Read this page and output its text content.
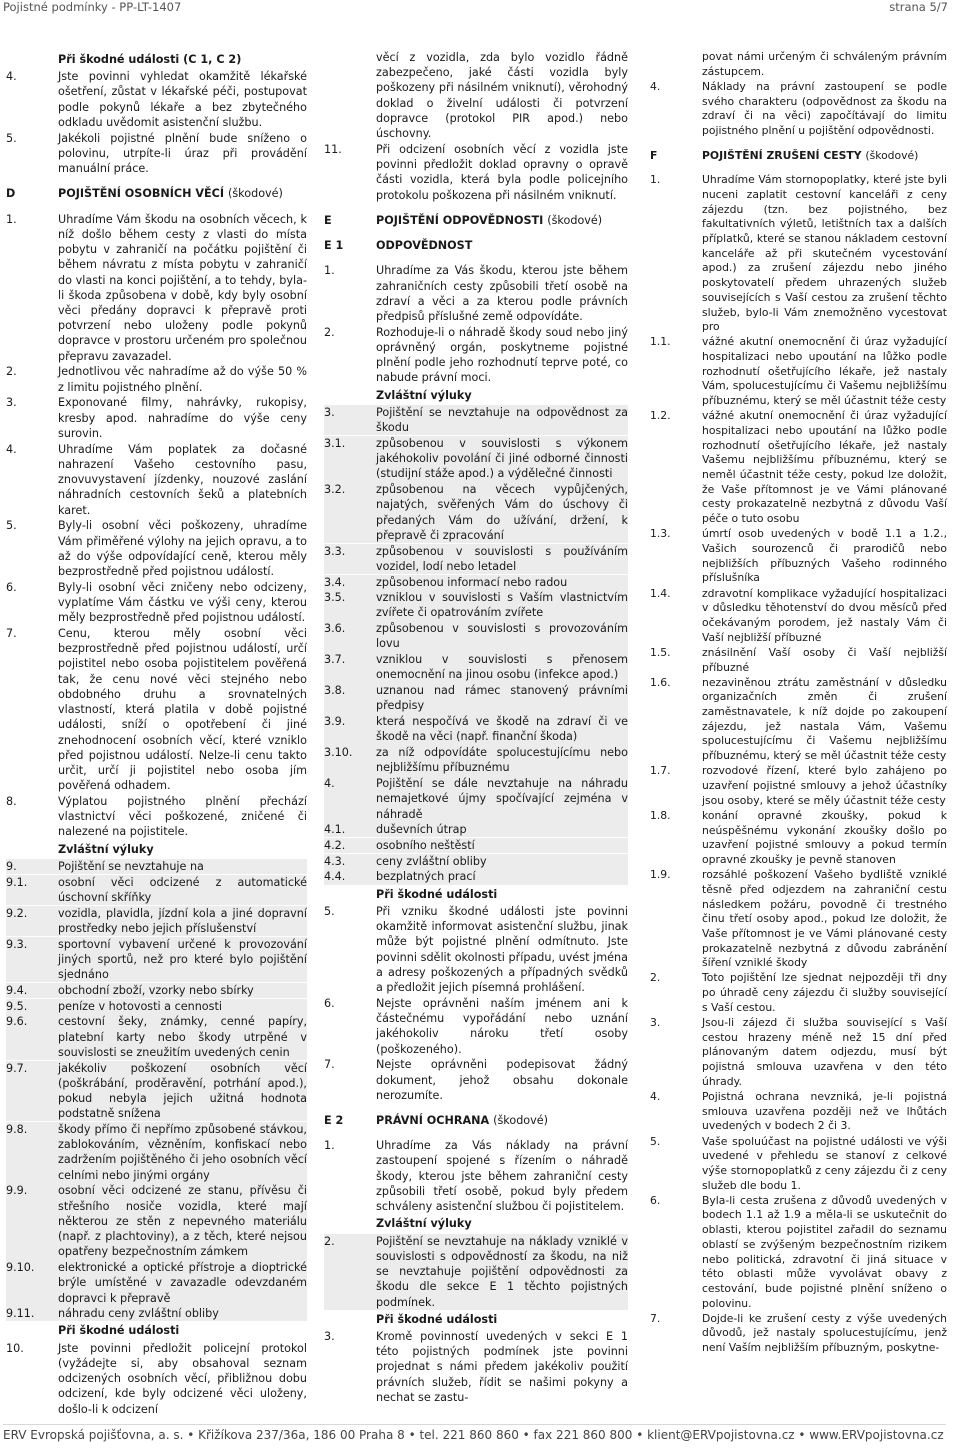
Pojistné podmínky - PP-LT-1407	strana 5/7
Při škodné události (C 1, C 2)
4.	Jste povinni vyhledat okamžitě lékařské ošetření, zůstat v lékařské péči, postupovat podle pokynů lékaře a bez zbytečného odkladu uvědomit asistenční službu.
5.	Jakékoli pojistné plnění bude sníženo o polovinu, utrpíte-li úraz při provádění manuální práce.
D	POJIŠTĚNÍ OSOBNÍCH VĚCÍ (škodové)
1.	Uhradíme Vám škodu na osobních věcech, k níž došlo během cesty z vlasti do místa pobytu v zahraničí na počátku pojištění či během návratu z místa pobytu v zahraničí do vlasti na konci pojištění, a to tehdy, byla-li škoda způsobena v době, kdy byly osobní věci předány dopravci k přepravě proti potvrzení nebo uloženy podle pokynů dopravce v prostoru určeném pro společnou přepravu zavazadel.
2.	Jednotlivou věc nahradíme až do výše 50 % z limitu pojistného plnění.
3.	Exponované filmy, nahrávky, rukopisy, kresby apod. nahradíme do výše ceny surovin.
4.	Uhradíme Vám poplatek za dočasné nahrazení Vašeho cestovního pasu, znovuvystavení jízdenky, nouzové zaslání náhradních cestovních šeků a platebních karet.
5.	Byly-li osobní věci poškozeny, uhradíme Vám přiměřené výlohy na jejich opravu, a to až do výše odpovídající ceně, kterou měly bezprostředně před pojistnou událostí.
6.	Byly-li osobní věci zničeny nebo odcizeny, vyplatíme Vám částku ve výši ceny, kterou měly bezprostředně před pojistnou událostí.
7.	Cenu, kterou měly osobní věci bezprostředně před pojistnou událostí, určí pojistitel nebo osoba pojistitelem pověřená tak, že cenu nové věci stejného nebo obdobného druhu a srovnatelných vlastností, která platila v době pojistné události, sníží o opotřebení či jiné znehodnocení osobních věcí, které vzniklo před pojistnou událostí. Nelze-li cenu takto určit, určí ji pojistitel nebo osoba jím pověřená odhadem.
8.	Výplatou pojistného plnění přechází vlastnictví věci poškozené, zničené či nalezené na pojistitele.
Zvláštní výluky
9.	Pojištění se nevztahuje na
9.1.	osobní věci odcizené z automatické úschovní skříňky
9.2.	vozidla, plavidla, jízdní kola a jiné dopravní prostředky nebo jejich příslušenství
9.3.	sportovní vybavení určené k provozování jiných sportů, než pro které bylo pojištění sjednáno
9.4.	obchodní zboží, vzorky nebo sbírky
9.5.	peníze v hotovosti a cennosti
9.6.	cestovní šeky, známky, cenné papíry, platební karty nebo škody utrpěné v souvislosti se zneužitím uvedených cenin
9.7.	jakékoliv poškození osobních věcí (poškrábání, proděravění, potrhání apod.), pokud nebyla jejich užitná hodnota podstatně snížena
9.8.	škody přímo či nepřímo způsobené stávkou, zablokováním, vězněním, konfiskací nebo zadržením pojištěného či jeho osobních věcí celními nebo jinými orgány
9.9.	osobní věci odcizené ze stanu, přívěsu či střešního nosiče vozidla, které mají některou ze stěn z nepevného materiálu (např. z plachtoviny), a z těch, které nejsou opatřeny bezpečnostním zámkem
9.10.	elektronické a optické přístroje a dioptrické brýle umístěné v zavazadle odevzdaném dopravci k přepravě
9.11.	náhradu ceny zvláštní obliby
Při škodné události
10.	Jste povinni předložit policejní protokol (vyžádejte si, aby obsahoval seznam odcizených osobních věcí, přibližnou dobu odcizení, kde byly odcizené věci uloženy, došlo-li k odcizení
věcí z vozidla, zda bylo vozidlo řádně zabezpečeno, jaké části vozidla byly poškozeny při násilném vniknutí), věrohodný doklad o živelní události či potvrzení dopravce (protokol PIR apod.) nebo úschovny.
11.	Při odcizení osobních věcí z vozidla jste povinni předložit doklad opravny o opravě části vozidla, která byla podle policejního protokolu poškozena při násilném vniknutí.
E	POJIŠTĚNÍ ODPOVĚDNOSTI (škodové)
E 1	ODPOVĚDNOST
1.	Uhradíme za Vás škodu, kterou jste během zahraničních cesty způsobili třetí osobě na zdraví a věci a za kterou podle právních předpisů příslušné země odpovídáte.
2.	Rozhoduje-li o náhradě škody soud nebo jiný oprávněný orgán, poskytneme pojistné plnění podle jeho rozhodnutí teprve poté, co nabude právní moci.
Zvláštní výluky
3.	Pojištění se nevztahuje na odpovědnost za škodu
3.1.	způsobenou v souvislosti s výkonem jakéhokoliv povolání či jiné odborné činnosti (studijní stáže apod.) a výdělečné činnosti
3.2.	způsobenou na věcech vypůjčených, najatých, svěřených Vám do úschovy či předaných Vám do užívání, držení, k přepravě či zpracování
3.3.	způsobenou v souvislosti s používáním vozidel, lodí nebo letadel
3.4.	způsobenou informací nebo radou
3.5.	vzniklou v souvislosti s Vaším vlastnictvím zvířete či opatrováním zvířete
3.6.	způsobenou v souvislosti s provozováním lovu
3.7.	vzniklou v souvislosti s přenosem onemocnění na jinou osobu (infekce apod.)
3.8.	uznanou nad rámec stanovený právními předpisy
3.9.	která nespočívá ve škodě na zdraví či ve škodě na věci (např. finanční škoda)
3.10.	za níž odpovídáte spolucestujícímu nebo nejbližšímu příbuznému
4.	Pojištění se dále nevztahuje na náhradu nemajetkové újmy spočívající zejména v náhradě
4.1.	duševních útrap
4.2.	osobního neštěstí
4.3.	ceny zvláštní obliby
4.4.	bezplatných prací
Při škodné události
5.	Při vzniku škodné události jste povinni okamžitě informovat asistenční službu, jinak může být pojistné plnění odmítnuto. Jste povinni sdělit okolnosti případu, uvést jména a adresy poškozených a případných svědků a předložit jejich písemná prohlášení.
6.	Nejste oprávněni naším jménem ani k částečnému vypořádání nebo uznání jakéhokoliv nároku třetí osoby (poškozeného).
7.	Nejste oprávněni podepisovat žádný dokument, jehož obsahu dokonale nerozumíte.
E 2	PRÁVNÍ OCHRANA (škodové)
1.	Uhradíme za Vás náklady na právní zastoupení spojené s řízením o náhradě škody, kterou jste během zahraniční cesty způsobili třetí osobě, pokud byly předem schváleny asistenční službou či pojistitelem.
Zvláštní výluky
2.	Pojištění se nevztahuje na náklady vzniklé v souvislosti s odpovědností za škodu, na niž se nevztahuje pojištění odpovědnosti za škodu dle sekce E 1 těchto pojistných podmínek.
Při škodné události
3.	Kromě povinností uvedených v sekci E 1 této pojistných podmínek jste povinni projednat s námi předem jakékoliv použití právních služeb, řídit se našimi pokyny a nechat se zastu-
povat námi určeným či schváleným právním zástupcem.
4.	Náklady na právní zastoupení se podle svého charakteru (odpovědnost za škodu na zdraví či na věci) započítávají do limitu pojistného plnění u pojištění odpovědnosti.
F	POJIŠTĚNÍ ZRUŠENÍ CESTY (škodové)
1.	Uhradíme Vám stornopoplatky, které jste byli nuceni zaplatit cestovní kanceláři z ceny zájezdu (tzn. bez pojistného, bez fakultativních výletů, letištních tax a dalších příplatků, které se stanou nákladem cestovní kanceláře až při skutečném vycestování apod.) za zrušení zájezdu nebo jiného poskytovatelí předem uhrazených služeb souvisejících s Vaší cestou za zrušení těchto služeb, bylo-li Vám znemožněno vycestovat pro
1.1.	vážné akutní onemocnění či úraz vyžadující hospitalizaci nebo upoutání na lůžko podle rozhodnutí ošetřujícího lékaře, jež nastaly Vám, spolucestujícímu či Vašemu nejbližšímu příbuznému, který se měl účastnit téže cesty
1.2.	vážné akutní onemocnění či úraz vyžadující hospitalizaci nebo upoutání na lůžko podle rozhodnutí ošetřujícího lékaře, jež nastaly Vašemu nejbližšímu příbuznému, který se neměl účastnit téže cesty, pokud lze doložit, že Vaše přítomnost je ve Vámi plánované cesty prokazatelně nezbytná z důvodu Vaší péče o tuto osobu
1.3.	úmrtí osob uvedených v bodě 1.1 a 1.2., Vašich sourozenců či prarodičů nebo nejbližších příbuzných Vašeho rodinného příslušníka
1.4.	zdravotní komplikace vyžadující hospitalizaci v důsledku těhotenství do dvou měsíců před očekávaným porodem, jež nastaly Vám či Vaší nejbližší příbuzné
1.5.	znásilnění Vaší osoby či Vaší nejbližší příbuzné
1.6.	nezaviněnou ztrátu zaměstnání v důsledku organizačních změn či zrušení zaměstnavatele, k níž dojde po zakoupení zájezdu, jež nastala Vám, Vašemu spolucestujícímu či Vašemu nejbližšímu příbuznému, který se měl účastnit téže cesty
1.7.	rozvodové řízení, které bylo zahájeno po uzavření pojistné smlouvy a jehož účastníky jsou osoby, které se měly účastnit téže cesty
1.8.	konání opravné zkoušky, pokud k neúspěšnému vykonání zkoušky došlo po uzavření pojistné smlouvy a pokud termín opravné zkoušky je pevně stanoven
1.9.	rozsáhlé poškození Vašeho bydliště vzniklé těsně před odjezdem na zahraniční cestu následkem požáru, povodně či trestného činu třetí osoby apod., pokud lze doložit, že Vaše přítomnost je ve Vámi plánované cesty prokazatelně nezbytná z důvodu zabránění šíření vzniklé škody
2.	Toto pojištění lze sjednat nejpozději tři dny po úhradě ceny zájezdu či služby související s Vaší cestou.
3.	Jsou-li zájezd či služba související s Vaší cestou hrazeny méně než 15 dní před plánovaným datem odjezdu, musí být pojistná smlouva uzavřena v den této úhrady.
4.	Pojistná ochrana nevzniká, je-li pojistná smlouva uzavřena později než ve lhůtách uvedených v bodech 2 či 3.
5.	Vaše spoluúčast na pojistné události ve výši uvedené v přehledu se stanoví z celkové výše stornopoplatků z ceny zájezdu či z ceny služeb dle bodu 1.
6.	Byla-li cesta zrušena z důvodů uvedených v bodech 1.1 až 1.9 a měla-li se uskutečnit do oblasti, kterou pojistitel zařadil do seznamu oblastí se zvýšeným bezpečnostním rizikem nebo politická, zdravotní či jiná situace v této oblasti může vyvolávat obavy z cestování, bude pojistné plnění sníženo o polovinu.
7.	Dojde-li ke zrušení cesty z výše uvedených důvodů, jež nastaly spolucestujícímu, jenž není Vaším nejbližším příbuzným, poskytne-
ERV Evropská pojišťovna, a. s. • Křižíkova 237/36a, 186 00 Praha 8 • tel. 221 860 860 • fax 221 860 800 • klient@ERVpojistovna.cz • www.ERVpojistovna.cz
